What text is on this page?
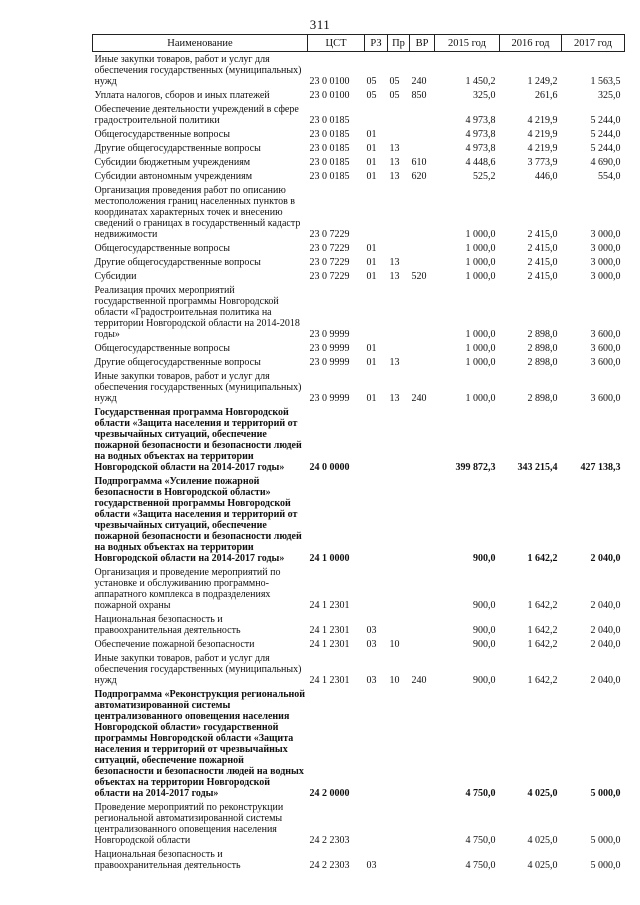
311
Наименование	ЦСТ	РЗ	Пр	ВР	2015 год	2016 год	2017 год
Иные закупки товаров, работ и услуг для обеспечения государственных (муниципальных) нужд	23 0 0100	05	05	240	1 450,2	1 249,2	1 563,5
Уплата налогов, сборов и иных платежей	23 0 0100	05	05	850	325,0	261,6	325,0
Обеспечение деятельности учреждений в сфере градостроительной политики	23 0 0185				4 973,8	4 219,9	5 244,0
Общегосударственные вопросы	23 0 0185	01			4 973,8	4 219,9	5 244,0
Другие общегосударственные вопросы	23 0 0185	01	13		4 973,8	4 219,9	5 244,0
Субсидии бюджетным учреждениям	23 0 0185	01	13	610	4 448,6	3 773,9	4 690,0
Субсидии автономным учреждениям	23 0 0185	01	13	620	525,2	446,0	554,0
Организация проведения работ по описанию местоположения границ населенных пунктов в координатах характерных точек и внесению сведений о границах в государственный кадастр недвижимости	23 0 7229				1 000,0	2 415,0	3 000,0
Общегосударственные вопросы	23 0 7229	01			1 000,0	2 415,0	3 000,0
Другие общегосударственные вопросы	23 0 7229	01	13		1 000,0	2 415,0	3 000,0
Субсидии	23 0 7229	01	13	520	1 000,0	2 415,0	3 000,0
Реализация прочих мероприятий государственной программы Новгородской области «Градостроительная политика на территории Новгородской области на 2014-2018 годы»	23 0 9999				1 000,0	2 898,0	3 600,0
Общегосударственные вопросы	23 0 9999	01			1 000,0	2 898,0	3 600,0
Другие общегосударственные вопросы	23 0 9999	01	13		1 000,0	2 898,0	3 600,0
Иные закупки товаров, работ и услуг для обеспечения государственных (муниципальных) нужд	23 0 9999	01	13	240	1 000,0	2 898,0	3 600,0
Государственная программа Новгородской области «Защита населения и территорий от чрезвычайных ситуаций, обеспечение пожарной безопасности и безопасности людей на водных объектах на территории Новгородской области на 2014-2017 годы»	24 0 0000				399 872,3	343 215,4	427 138,3
Подпрограмма «Усиление пожарной безопасности в Новгородской области» государственной программы Новгородской области «Защита населения и территорий от чрезвычайных ситуаций, обеспечение пожарной безопасности и безопасности людей на водных объектах на территории Новгородской области на 2014-2017 годы»	24 1 0000				900,0	1 642,2	2 040,0
Организация и проведение мероприятий по установке и обслуживанию программно-аппаратного комплекса в подразделениях пожарной охраны	24 1 2301				900,0	1 642,2	2 040,0
Национальная безопасность и правоохранительная деятельность	24 1 2301	03			900,0	1 642,2	2 040,0
Обеспечение пожарной безопасности	24 1 2301	03	10		900,0	1 642,2	2 040,0
Иные закупки товаров, работ и услуг для обеспечения государственных (муниципальных) нужд	24 1 2301	03	10	240	900,0	1 642,2	2 040,0
Подпрограмма «Реконструкция региональной автоматизированной системы централизованного оповещения населения Новгородской области» государственной программы Новгородской области «Защита населения и территорий от чрезвычайных ситуаций, обеспечение пожарной безопасности и безопасности людей на водных объектах на территории Новгородской области на 2014-2017 годы»	24 2 0000				4 750,0	4 025,0	5 000,0
Проведение мероприятий по реконструкции региональной автоматизированной системы централизованного оповещения населения Новгородской области	24 2 2303				4 750,0	4 025,0	5 000,0
Национальная безопасность и правоохранительная деятельность	24 2 2303	03			4 750,0	4 025,0	5 000,0
